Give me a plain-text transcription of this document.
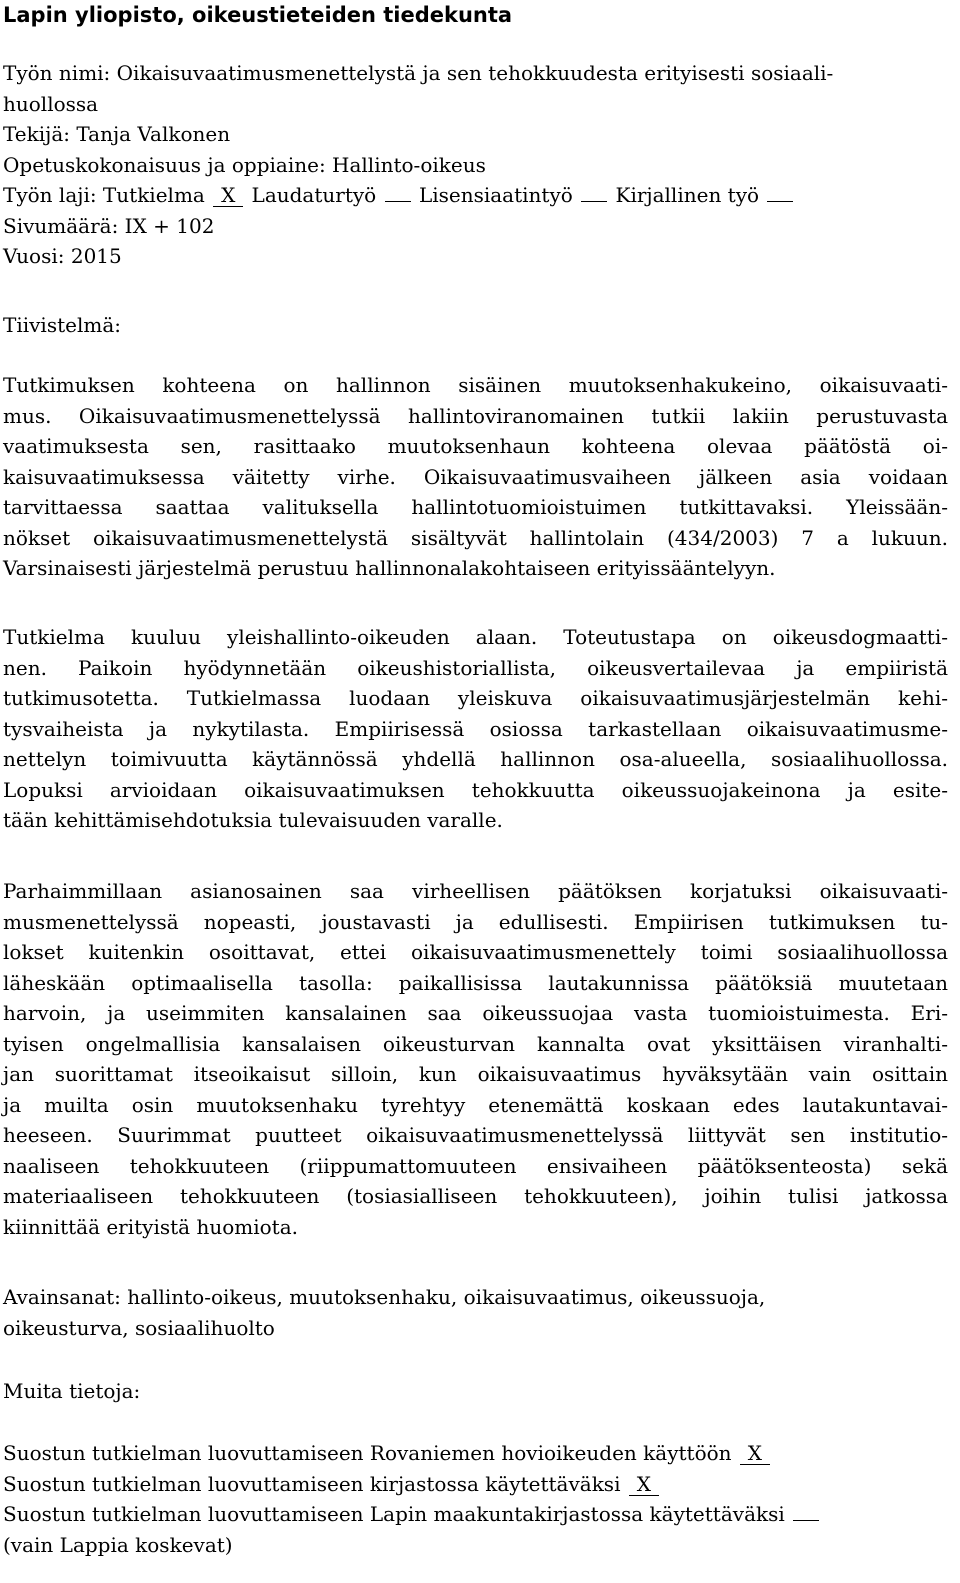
Lapin yliopisto, oikeustieteiden tiedekunta
Työn nimi: Oikaisuvaatimusmenettelystä ja sen tehokkuudesta erityisesti sosiaali-
huollossa
Tekijä: Tanja Valkonen
Opetuskokonaisuus ja oppiaine: Hallinto-oikeus
Työn laji: Tutkielma X Laudaturtyö Lisensiaatintyö Kirjallinen työ
Sivumäärä: IX + 102
Vuosi: 2015
Tiivistelmä:
Tutkimuksen kohteena on hallinnon sisäinen muutoksenhakukeino, oikaisuvaati-
mus. Oikaisuvaatimusmenettelyssä hallintoviranomainen tutkii lakiin perustuvasta
vaatimuksesta sen, rasittaako muutoksenhaun kohteena olevaa päätöstä oi-
kaisuvaatimuksessa väitetty virhe. Oikaisuvaatimusvaiheen jälkeen asia voidaan
tarvittaessa saattaa valituksella hallintotuomioistuimen tutkittavaksi. Yleissään-
nökset oikaisuvaatimusmenettelystä sisältyvät hallintolain (434/2003) 7 a lukuun.
Varsinaisesti järjestelmä perustuu hallinnonalakohtaiseen erityissääntelyyn.
Tutkielma kuuluu yleishallinto-oikeuden alaan. Toteutustapa on oikeusdogmaatti-
nen. Paikoin hyödynnetään oikeushistoriallista, oikeusvertailevaa ja empiiristä
tutkimusotetta. Tutkielmassa luodaan yleiskuva oikaisuvaatimusjärjestelmän kehi-
tysvaiheista ja nykytilasta. Empiirisessä osiossa tarkastellaan oikaisuvaatimusme-
nettelyn toimivuutta käytännössä yhdellä hallinnon osa-alueella, sosiaalihuollossa.
Lopuksi arvioidaan oikaisuvaatimuksen tehokkuutta oikeussuojakeinona ja esite-
tään kehittämisehdotuksia tulevaisuuden varalle.
Parhaimmillaan asianosainen saa virheellisen päätöksen korjatuksi oikaisuvaati-
musmenettelyssä nopeasti, joustavasti ja edullisesti. Empiirisen tutkimuksen tu-
lokset kuitenkin osoittavat, ettei oikaisuvaatimusmenettely toimi sosiaalihuollossa
läheskään optimaalisella tasolla: paikallisissa lautakunnissa päätöksiä muutetaan
harvoin, ja useimmiten kansalainen saa oikeussuojaa vasta tuomioistuimesta. Eri-
tyisen ongelmallisia kansalaisen oikeusturvan kannalta ovat yksittäisen viranhalti-
jan suorittamat itseoikaisut silloin, kun oikaisuvaatimus hyväksytään vain osittain
ja muilta osin muutoksenhaku tyrehtyy etenemättä koskaan edes lautakuntavai-
heeseen. Suurimmat puutteet oikaisuvaatimusmenettelyssä liittyvät sen institutio-
naaliseen tehokkuuteen (riippumattomuuteen ensivaiheen päätöksenteosta) sekä
materiaaliseen tehokkuuteen (tosiasialliseen tehokkuuteen), joihin tulisi jatkossa
kiinnittää erityistä huomiota.
Avainsanat: hallinto-oikeus, muutoksenhaku, oikaisuvaatimus, oikeussuoja,
oikeusturva, sosiaalihuolto
Muita tietoja:
Suostun tutkielman luovuttamiseen Rovaniemen hovioikeuden käyttöön X
Suostun tutkielman luovuttamiseen kirjastossa käytettäväksi X
Suostun tutkielman luovuttamiseen Lapin maakuntakirjastossa käytettäväksi
(vain Lappia koskevat)
